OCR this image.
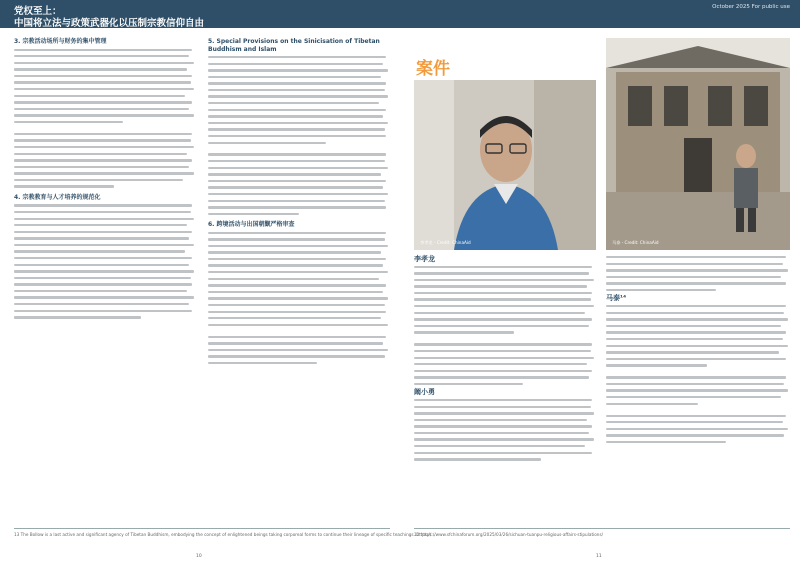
党权至上：
中国将立法与政策武器化以压制宗教信仰自由
October 2025 For public use
3. 宗教活动场所与财务的集中管理
4. 宗教教育与人才培养的规范化
5. Special Provisions on the Sinicisation of Tibetan Buddhism and Islam
6. 跨境活动与出国朝觐严格审查
13 The Bollow is a last active and significant agency of Tibetan Buddhism, embodying the concept of enlightened beings taking corporeal forms to continue their lineage of specific teachings. https://...
10
案件
李孝龙 - Credit: ChinaAid	马泰 - Credit: ChinaAid
李孝龙
阚小勇
马泰¹⁴
12 https://www.sfchinaforum.org/2025/03/26/sichuan-tuanpu-religious-affairs-stipulations/
11
